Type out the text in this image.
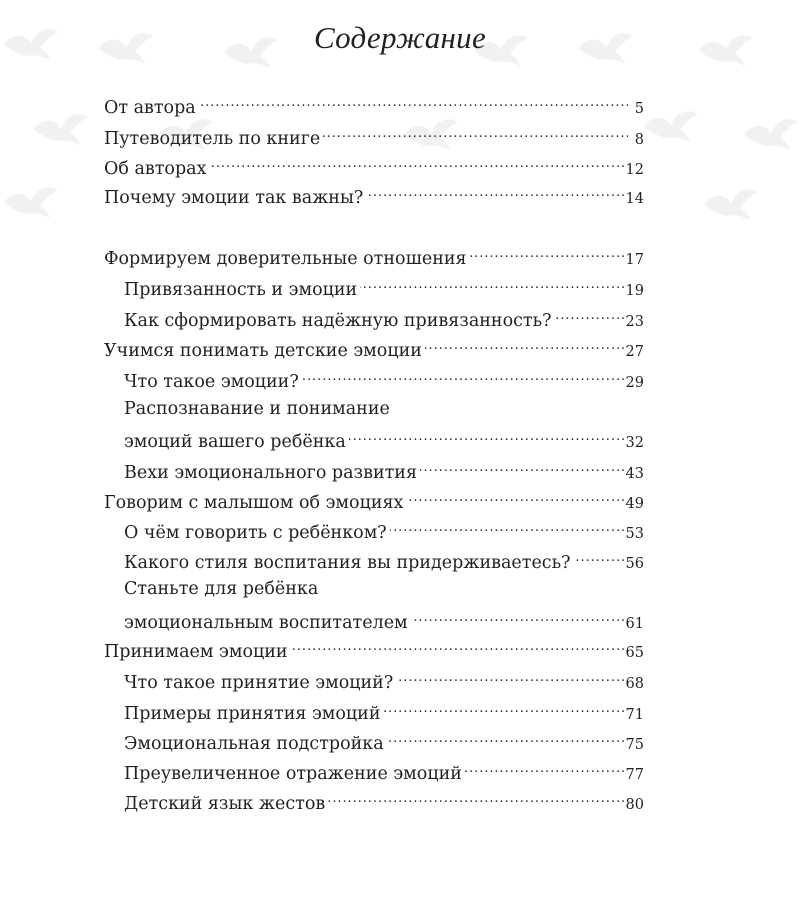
Содержание
От автора . . .	5
Путеводитель по книге . . .	8
Об авторах . . .	12
Почему эмоции так важны? . . .	14
Формируем доверительные отношения . . .	17
Привязанность и эмоции . . .	19
Как сформировать надёжную привязанность? . . .	23
Учимся понимать детские эмоции . . .	27
Что такое эмоции? . . .	29
Распознавание и понимание
эмоций вашего ребёнка . . .	32
Вехи эмоционального развития . . .	43
Говорим с малышом об эмоциях . . .	49
О чём говорить с ребёнком? . . .	53
Какого стиля воспитания вы придерживаетесь? . . .	56
Станьте для ребёнка
эмоциональным воспитателем . . .	61
Принимаем эмоции . . .	65
Что такое принятие эмоций? . . .	68
Примеры принятия эмоций . . .	71
Эмоциональная подстройка . . .	75
Преувеличенное отражение эмоций . . .	77
Детский язык жестов . . .	80
